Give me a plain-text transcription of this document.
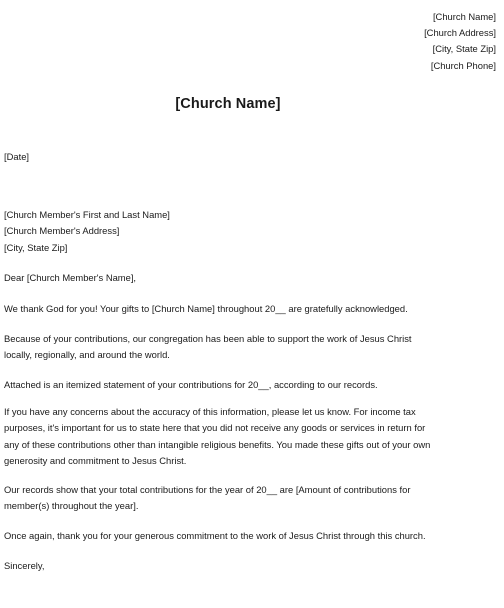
[Church Name]
[Church Address]
[City, State Zip]
[Church Phone]
[Church Name]
[Date]
[Church Member's First and Last Name]
[Church Member's Address]
[City, State Zip]
Dear [Church Member's Name],
We thank God for you! Your gifts to [Church Name] throughout 20__ are gratefully acknowledged.
Because of your contributions, our congregation has been able to support the work of Jesus Christ
locally, regionally, and around the world.
Attached is an itemized statement of your contributions for 20__, according to our records.
If you have any concerns about the accuracy of this information, please let us know. For income tax
purposes, it's important for us to state here that you did not receive any goods or services in return for
any of these contributions other than intangible religious benefits. You made these gifts out of your own
generosity and commitment to Jesus Christ.
Our records show that your total contributions for the year of 20__ are [Amount of contributions for
member(s) throughout the year].
Once again, thank you for your generous commitment to the work of Jesus Christ through this church.
Sincerely,
